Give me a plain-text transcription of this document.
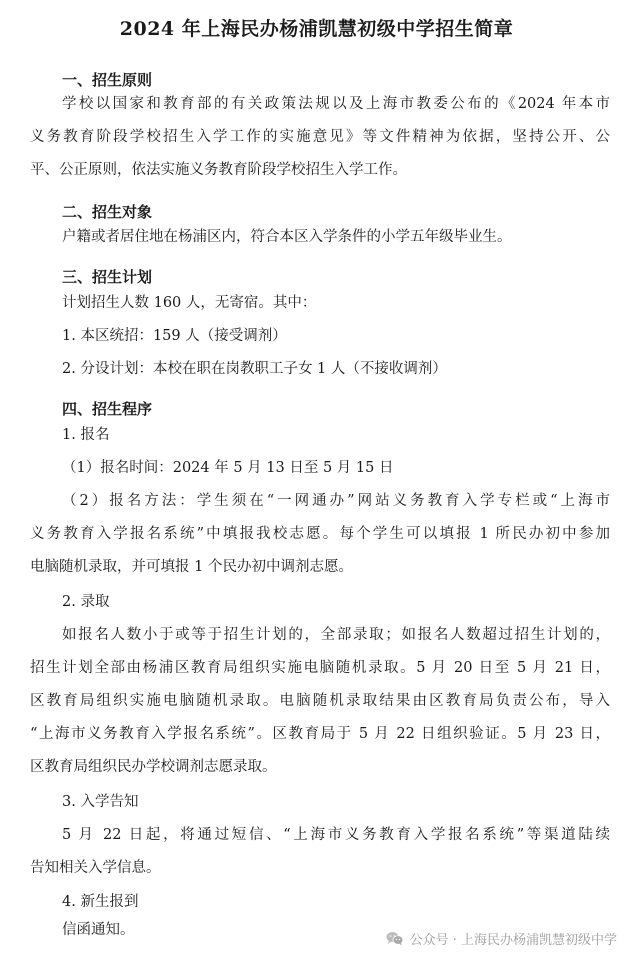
2024 年上海民办杨浦凯慧初级中学招生简章
一、招生原则
学校以国家和教育部的有关政策法规以及上海市教委公布的《2024 年本市
义务教育阶段学校招生入学工作的实施意见》等文件精神为依据，坚持公开、公
平、公正原则，依法实施义务教育阶段学校招生入学工作。
二、招生对象
户籍或者居住地在杨浦区内，符合本区入学条件的小学五年级毕业生。
三、招生计划
计划招生人数 160 人，无寄宿。其中：
1. 本区统招：159 人（接受调剂）
2. 分设计划：本校在职在岗教职工子女 1 人（不接收调剂）
四、招生程序
1. 报名
（1）报名时间：2024 年 5 月 13 日至 5 月 15 日
（2）报名方法：学生须在“一网通办”网站义务教育入学专栏或“上海市
义务教育入学报名系统”中填报我校志愿。每个学生可以填报 1 所民办初中参加
电脑随机录取，并可填报 1 个民办初中调剂志愿。
2. 录取
如报名人数小于或等于招生计划的，全部录取；如报名人数超过招生计划的，
招生计划全部由杨浦区教育局组织实施电脑随机录取。5 月 20 日至 5 月 21 日，
区教育局组织实施电脑随机录取。电脑随机录取结果由区教育局负责公布，导入
“上海市义务教育入学报名系统”。区教育局于 5 月 22 日组织验证。5 月 23 日，
区教育局组织民办学校调剂志愿录取。
3. 入学告知
5 月 22 日起，将通过短信、“上海市义务教育入学报名系统”等渠道陆续
告知相关入学信息。
4. 新生报到
信函通知。
公众号 · 上海民办杨浦凯慧初级中学
